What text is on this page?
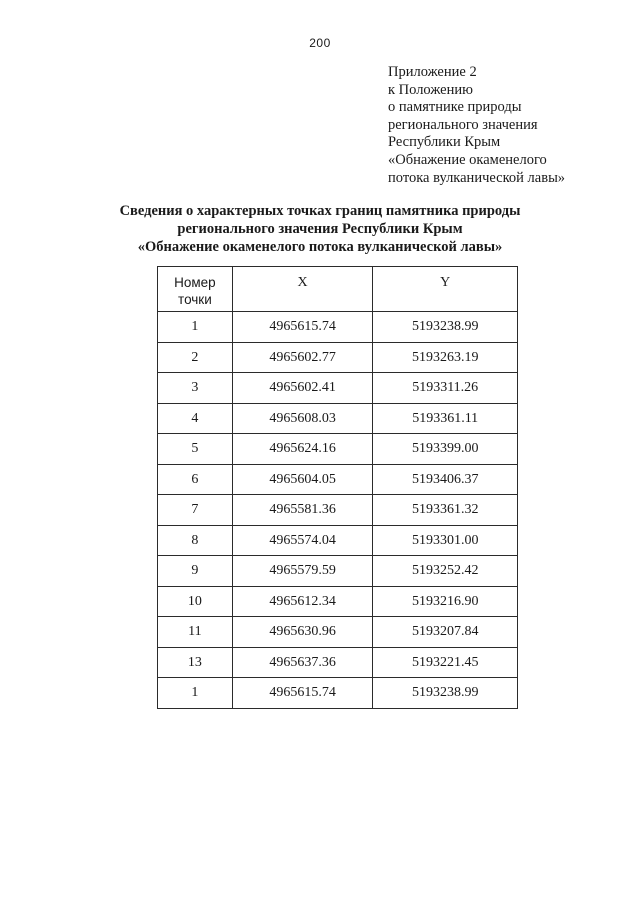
200
Приложение 2
к Положению
о памятнике природы
регионального значения
Республики Крым
«Обнажение окаменелого
потока вулканической лавы»
Сведения о характерных точках границ памятника природы
регионального значения Республики Крым
«Обнажение окаменелого потока вулканической лавы»
Номер
точки	X	Y
1	4965615.74	5193238.99
2	4965602.77	5193263.19
3	4965602.41	5193311.26
4	4965608.03	5193361.11
5	4965624.16	5193399.00
6	4965604.05	5193406.37
7	4965581.36	5193361.32
8	4965574.04	5193301.00
9	4965579.59	5193252.42
10	4965612.34	5193216.90
11	4965630.96	5193207.84
13	4965637.36	5193221.45
1	4965615.74	5193238.99
